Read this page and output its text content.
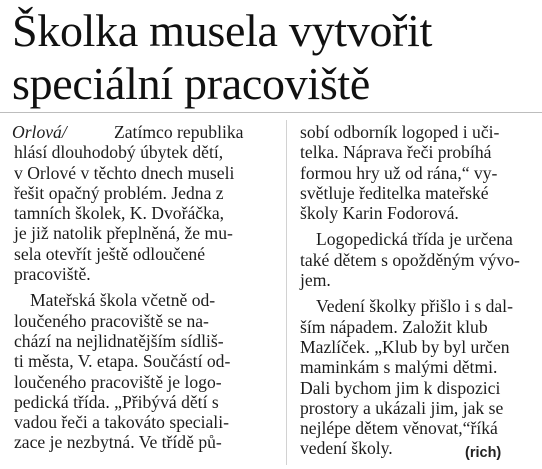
Školka musela vytvořit
speciální pracoviště
Orlová/	Zatímco republika
hlásí dlouhodobý úbytek dětí,
v Orlové v těchto dnech museli
řešit opačný problém. Jedna z
tamních školek, K. Dvořáčka,
je již natolik přeplněná, že mu-
sela otevřít ještě odloučené
pracoviště.
Mateřská škola včetně od-
loučeného pracoviště se na-
chází na nejlidnatějším sídliš-
ti města, V. etapa. Součástí od-
loučeného pracoviště je logo-
pedická třída. „Přibývá dětí s
vadou řeči a takováto speciali-
zace je nezbytná. Ve třídě pů-
sobí odborník logoped i uči-
telka. Náprava řeči probíhá
formou hry už od rána,“ vy-
světluje ředitelka mateřské
školy Karin Fodorová.
Logopedická třída je určena
také dětem s opožděným vývo-
jem.
Vedení školky přišlo i s dal-
ším nápadem. Založit klub
Mazlíček. „Klub by byl určen
maminkám s malými dětmi.
Dali bychom jim k dispozici
prostory a ukázali jim, jak se
nejlépe dětem věnovat,“říká
vedení školy.	(rich)
